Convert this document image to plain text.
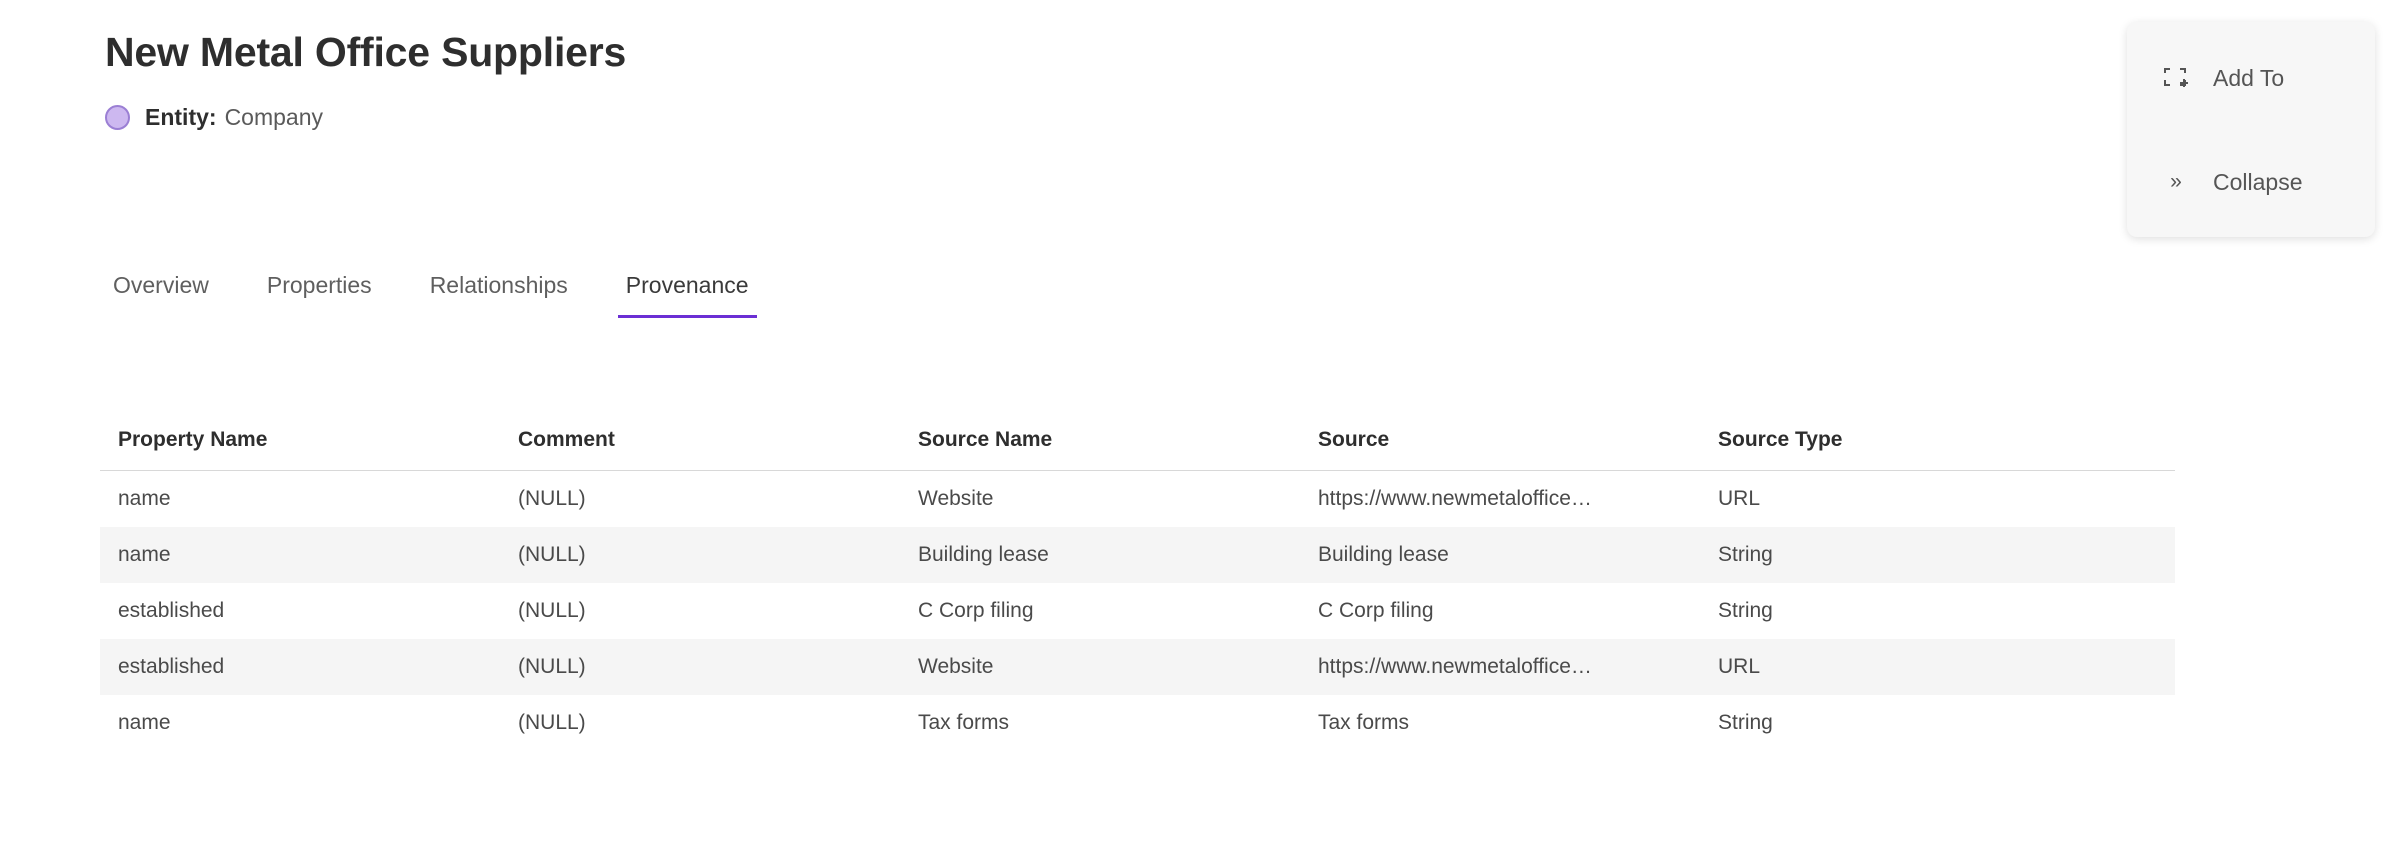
New Metal Office Suppliers
Entity: Company
Add To
»	Collapse
Overview	Properties	Relationships	Provenance
Property Name	Comment	Source Name	Source	Source Type
name	(NULL)	Website	https://www.newmetaloffice…	URL
name	(NULL)	Building lease	Building lease	String
established	(NULL)	C Corp filing	C Corp filing	String
established	(NULL)	Website	https://www.newmetaloffice…	URL
name	(NULL)	Tax forms	Tax forms	String
